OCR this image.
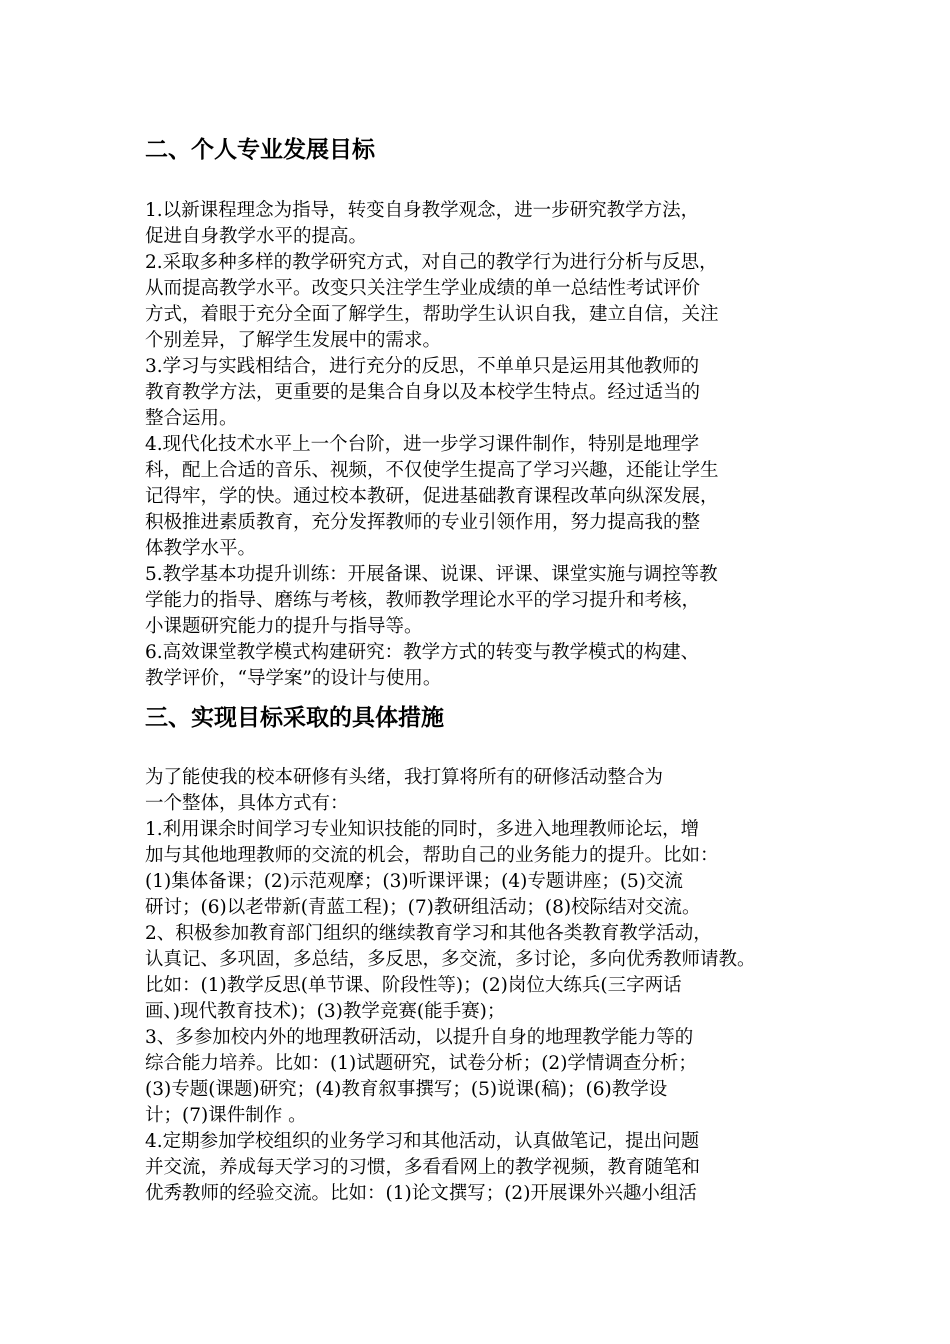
二、个人专业发展目标
1.以新课程理念为指导，转变自身教学观念，进一步研究教学方法，
促进自身教学水平的提高。
2.采取多种多样的教学研究方式，对自己的教学行为进行分析与反思，
从而提高教学水平。改变只关注学生学业成绩的单一总结性考试评价
方式，着眼于充分全面了解学生，帮助学生认识自我，建立自信，关注
个别差异，了解学生发展中的需求。
3.学习与实践相结合，进行充分的反思，不单单只是运用其他教师的
教育教学方法，更重要的是集合自身以及本校学生特点。经过适当的
整合运用。
4.现代化技术水平上一个台阶，进一步学习课件制作，特别是地理学
科，配上合适的音乐、视频，不仅使学生提高了学习兴趣，还能让学生
记得牢，学的快。通过校本教研，促进基础教育课程改革向纵深发展，
积极推进素质教育，充分发挥教师的专业引领作用，努力提高我的整
体教学水平。
5.教学基本功提升训练：开展备课、说课、评课、课堂实施与调控等教
学能力的指导、磨练与考核，教师教学理论水平的学习提升和考核，
小课题研究能力的提升与指导等。
6.高效课堂教学模式构建研究：教学方式的转变与教学模式的构建、
教学评价，“导学案”的设计与使用。
三、实现目标采取的具体措施
为了能使我的校本研修有头绪，我打算将所有的研修活动整合为
一个整体，具体方式有：
1.利用课余时间学习专业知识技能的同时，多进入地理教师论坛，增
加与其他地理教师的交流的机会，帮助自己的业务能力的提升。比如：
(1)集体备课；(2)示范观摩；(3)听课评课；(4)专题讲座；(5)交流
研讨；(6)以老带新(青蓝工程)；(7)教研组活动；(8)校际结对交流。
2、积极参加教育部门组织的继续教育学习和其他各类教育教学活动，
认真记、多巩固，多总结，多反思，多交流，多讨论，多向优秀教师请教。
比如：(1)教学反思(单节课、阶段性等)；(2)岗位大练兵(三字两话
画、)现代教育技术)；(3)教学竞赛(能手赛)；
3、多参加校内外的地理教研活动，以提升自身的地理教学能力等的
综合能力培养。比如：(1)试题研究，试卷分析；(2)学情调查分析；
(3)专题(课题)研究；(4)教育叙事撰写；(5)说课(稿)；(6)教学设
计；(7)课件制作 。
4.定期参加学校组织的业务学习和其他活动，认真做笔记，提出问题
并交流，养成每天学习的习惯，多看看网上的教学视频，教育随笔和
优秀教师的经验交流。比如：(1)论文撰写；(2)开展课外兴趣小组活
